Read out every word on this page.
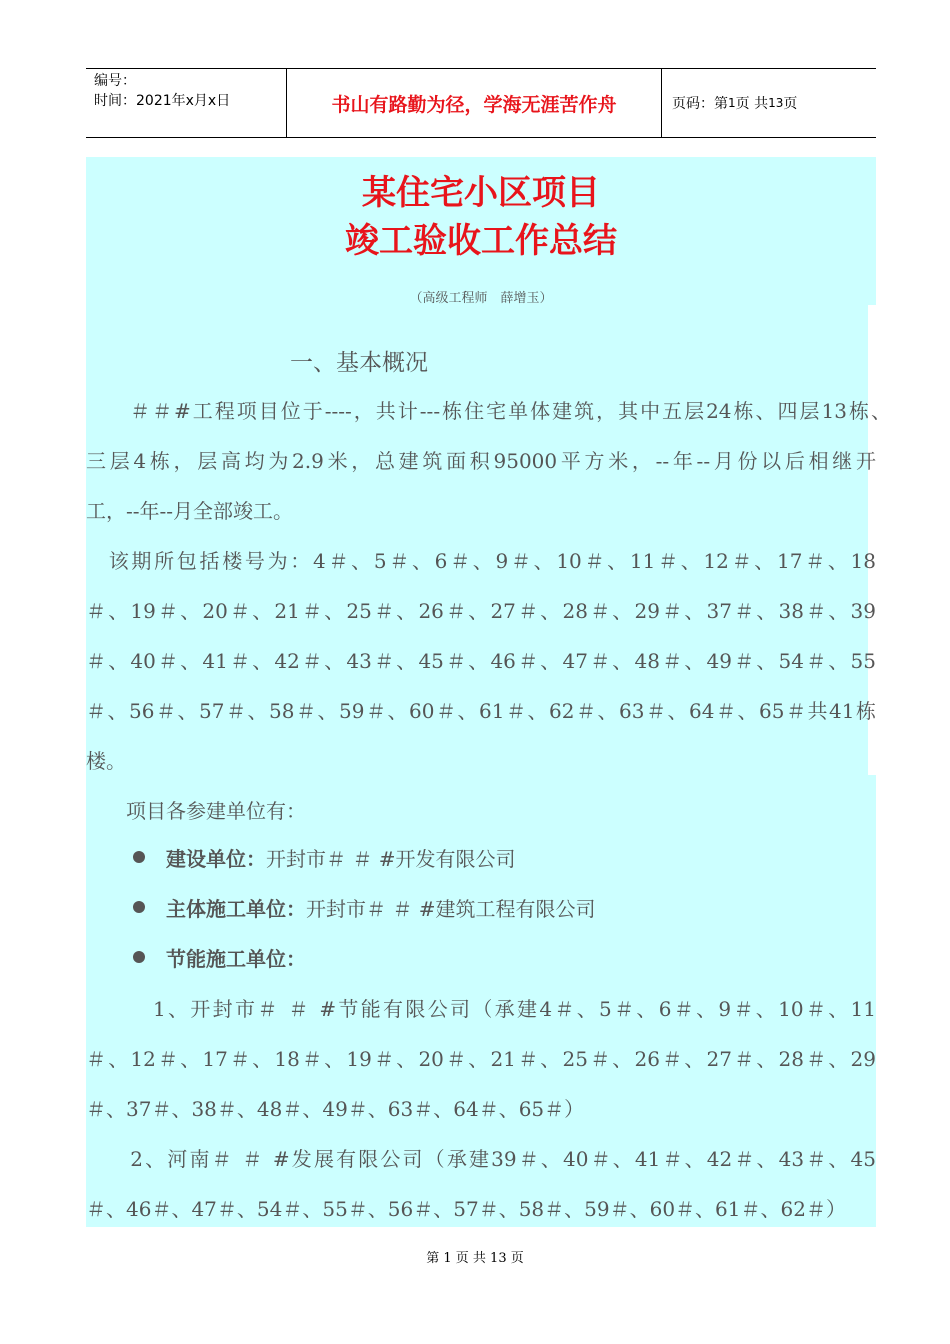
编号：
时间：2021年x月x日	书山有路勤为径，学海无涯苦作舟	页码：第 1 页 共 13 页
某住宅小区项目
竣工验收工作总结
（高级工程师　薛增玉）
一、基本概况
　　＃＃#工程项目位于----，共计---栋住宅单体建筑，其中五层24栋、四层13栋、
三层4栋，层高均为2.9米，总建筑面积95000平方米，--年--月份以后相继开
工，--年--月全部竣工。
　该期所包括楼号为：4＃、5＃、6＃、9＃、10＃、11＃、12＃、17＃、18
＃、19＃、20＃、21＃、25＃、26＃、27＃、28＃、29＃、37＃、38＃、39
＃、40＃、41＃、42＃、43＃、45＃、46＃、47＃、48＃、49＃、54＃、55
＃、56＃、57＃、58＃、59＃、60＃、61＃、62＃、63＃、64＃、65＃共41栋
楼。
　　项目各参建单位有：
建设单位：开封市＃ ＃ #开发有限公司
主体施工单位：开封市＃ ＃ #建筑工程有限公司
节能施工单位：
　　　1、开封市＃ ＃ #节能有限公司（承建4＃、5＃、6＃、9＃、10＃、11
＃、12＃、17＃、18＃、19＃、20＃、21＃、25＃、26＃、27＃、28＃、29
＃、37＃、38＃、48＃、49＃、63＃、64＃、65＃）
　　2、河南＃ ＃ #发展有限公司（承建39＃、40＃、41＃、42＃、43＃、45
＃、46＃、47＃、54＃、55＃、56＃、57＃、58＃、59＃、60＃、61＃、62＃）
第 1 页 共 13 页
